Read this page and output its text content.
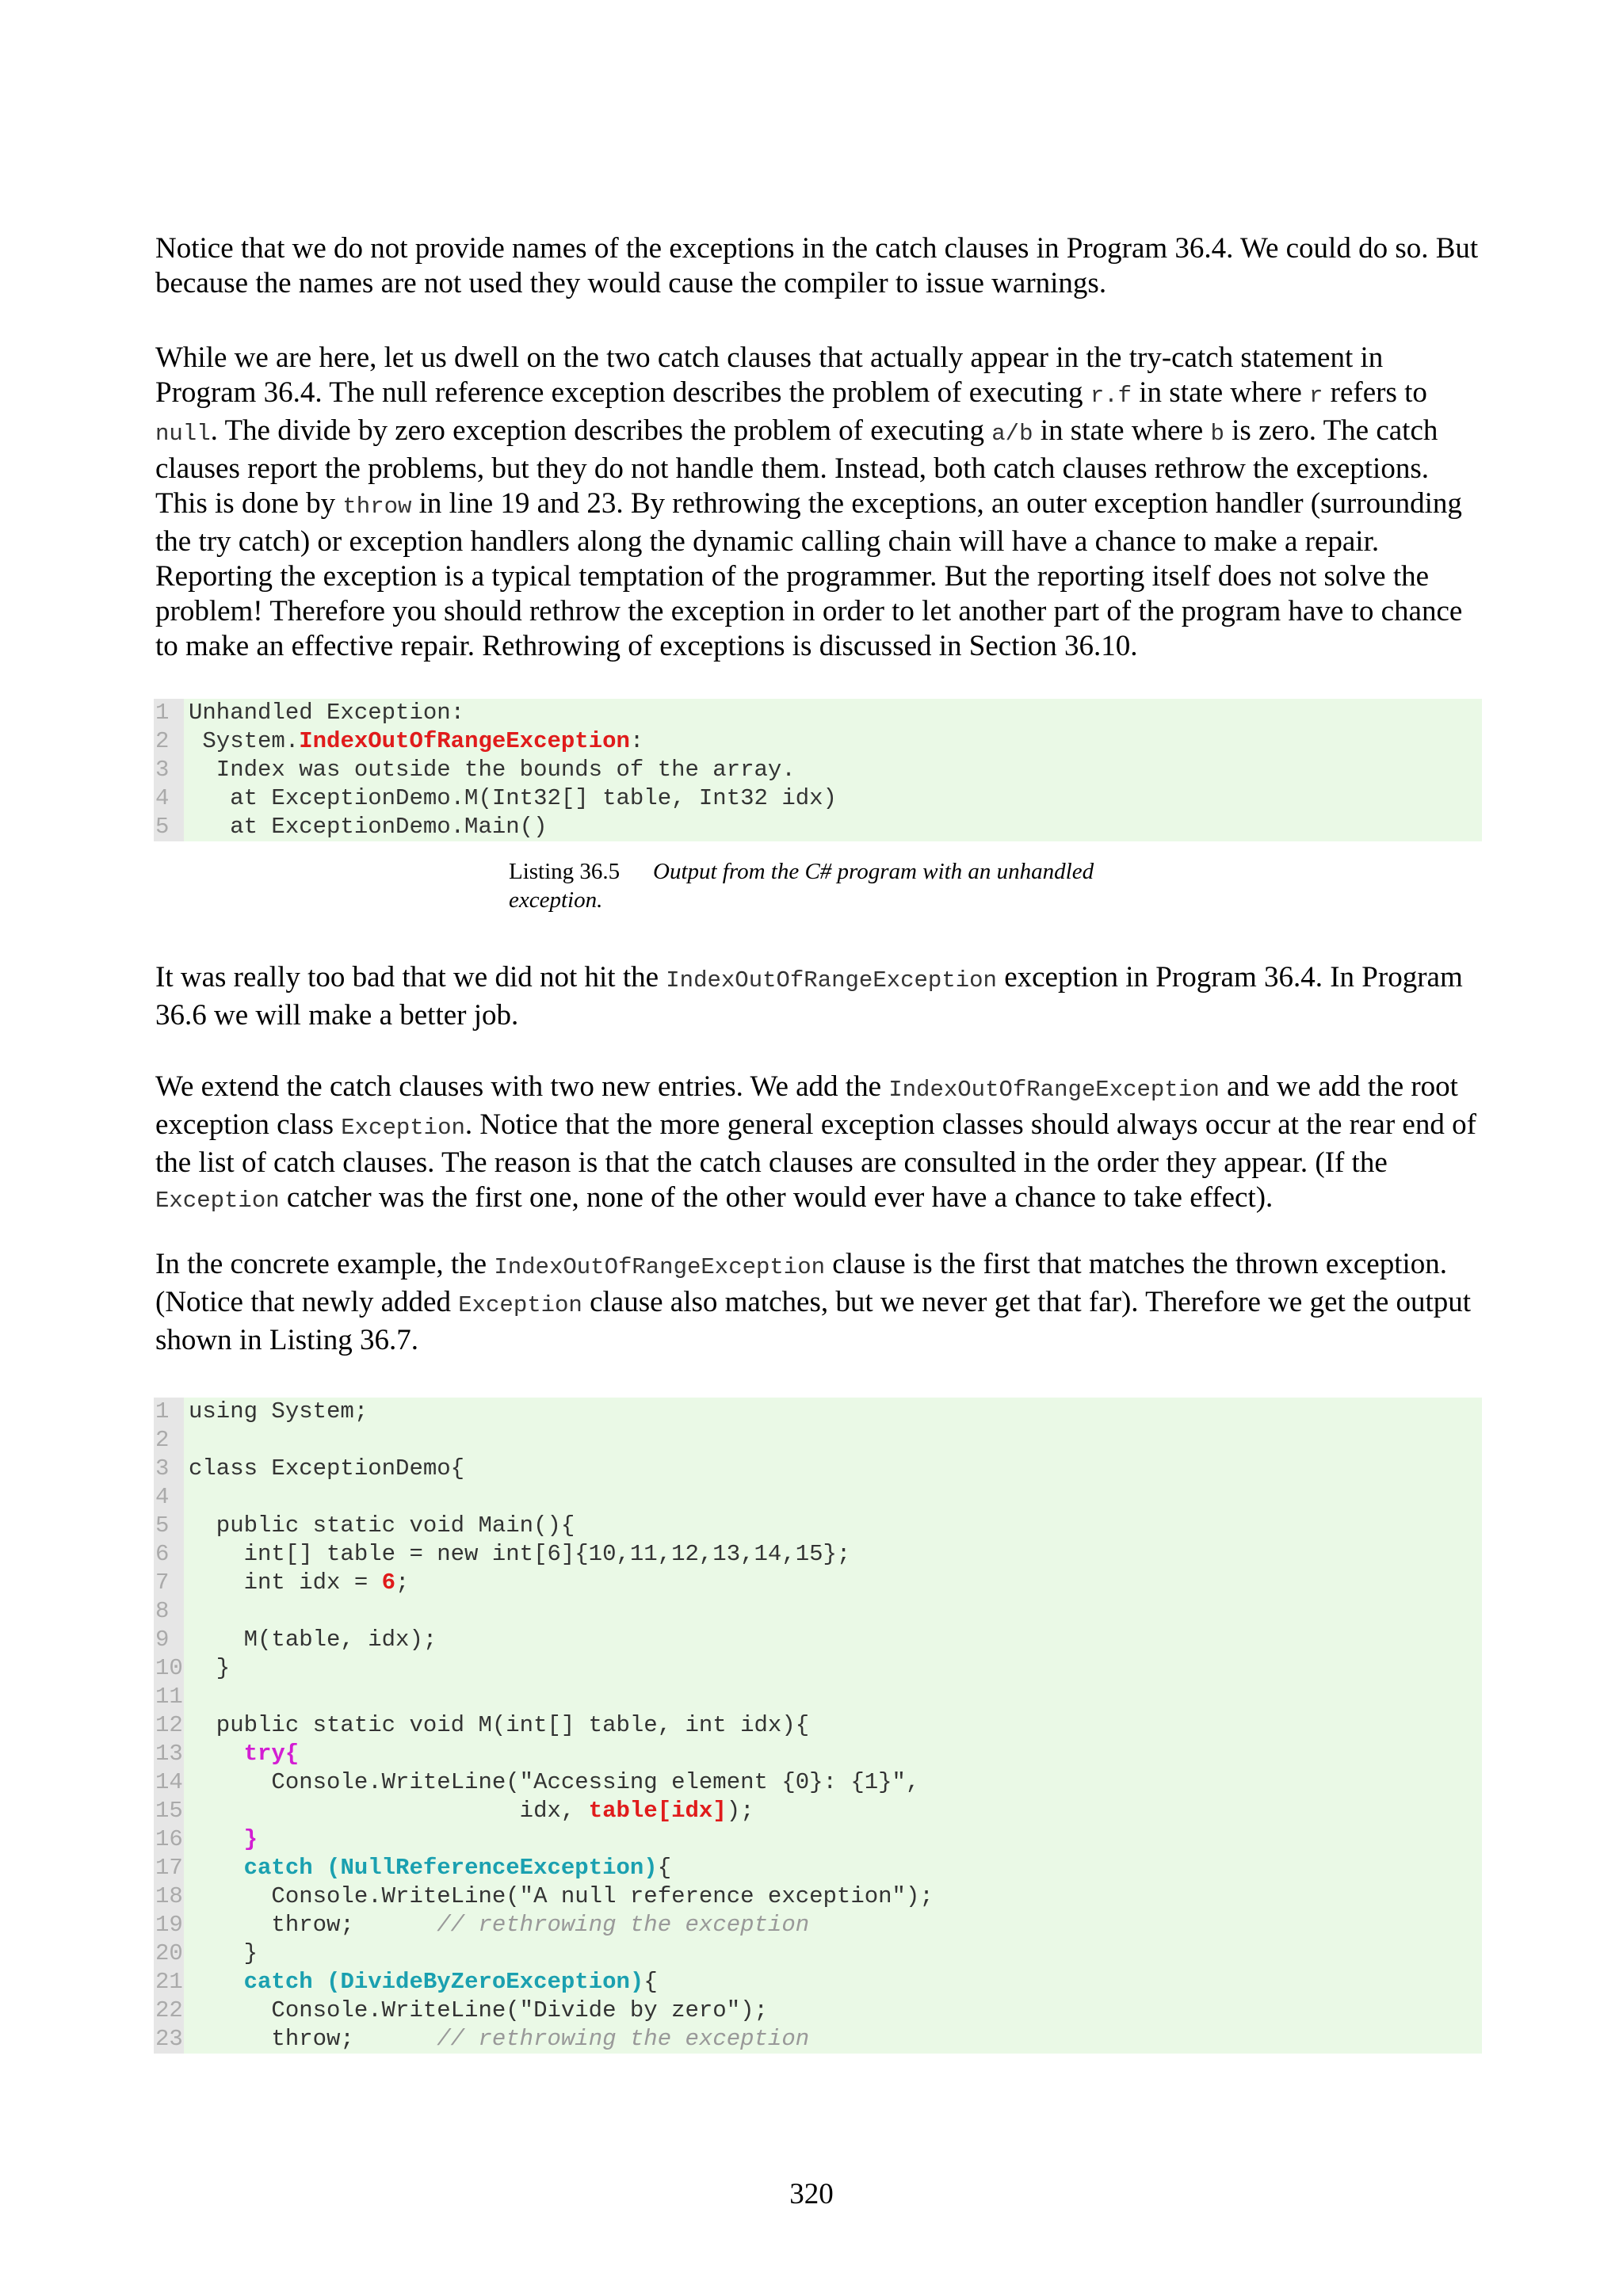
Notice that we do not provide names of the exceptions in the catch clauses in Program 36.4. We could do so. But because the names are not used they would cause the compiler to issue warnings.

While we are here, let us dwell on the two catch clauses that actually appear in the try-catch statement in Program 36.4. The null reference exception describes the problem of executing r.f in state where r refers to null. The divide by zero exception describes the problem of executing a/b in state where b is zero. The catch clauses report the problems, but they do not handle them. Instead, both catch clauses rethrow the exceptions. This is done by throw in line 19 and 23. By rethrowing the exceptions, an outer exception handler (surrounding the try catch) or exception handlers along the dynamic calling chain will have a chance to make a repair. Reporting the exception is a typical temptation of the programmer. But the reporting itself does not solve the problem! Therefore you should rethrow the exception in order to let another part of the program have to chance to make an effective repair. Rethrowing of exceptions is discussed in Section 36.10.

1 Unhandled Exception:
2 System.IndexOutOfRangeException:
3 Index was outside the bounds of the array.
4 at ExceptionDemo.M(Int32[] table, Int32 idx)
5 at ExceptionDemo.Main()
Listing 36.5 Output from the C# program with an unhandled exception.

It was really too bad that we did not hit the IndexOutOfRangeException exception in Program 36.4. In Program 36.6 we will make a better job.

We extend the catch clauses with two new entries. We add the IndexOutOfRangeException and we add the root exception class Exception. Notice that the more general exception classes should always occur at the rear end of the list of catch clauses. The reason is that the catch clauses are consulted in the order they appear. (If the Exception catcher was the first one, none of the other would ever have a chance to take effect).

In the concrete example, the IndexOutOfRangeException clause is the first that matches the thrown exception. (Notice that newly added Exception clause also matches, but we never get that far). Therefore we get the output shown in Listing 36.7.

1 using System;
2
3 class ExceptionDemo{
4
5 public static void Main(){
6 int[] table = new int[6]{10,11,12,13,14,15};
7 int idx = 6;
8
9 M(table, idx);
10 }
11
12 public static void M(int[] table, int idx){
13	try{
14 Console.WriteLine("Accessing element {0}: {1}",
15 idx, table[idx]);
16	}
17	catch (NullReferenceException){
18 Console.WriteLine("A null reference exception");
19 throw;      // rethrowing the exception
20 }
21	catch (DivideByZeroException){
22 Console.WriteLine("Divide by zero");
23 throw;      // rethrowing the exception
320
